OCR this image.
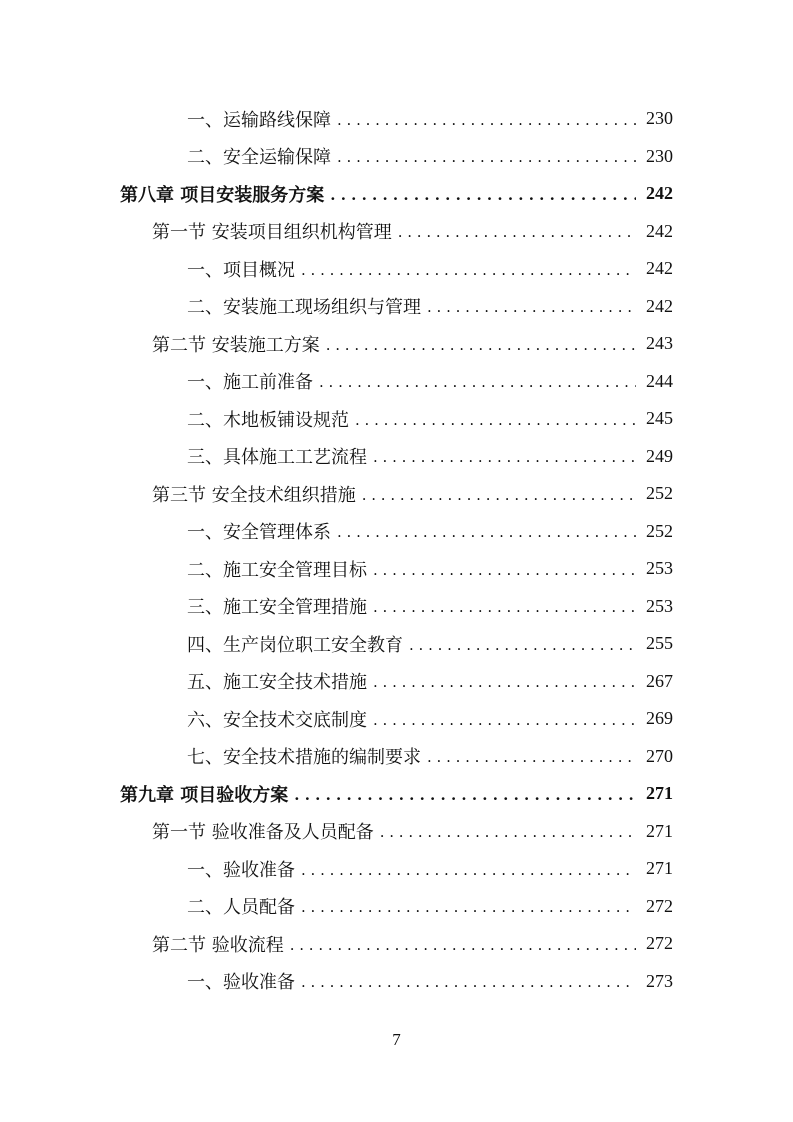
一、运输路线保障 . . .	230
二、安全运输保障 . . .	230
第八章 项目安装服务方案 . . .	242
第一节 安装项目组织机构管理 . . .	242
一、项目概况 . . .	242
二、安装施工现场组织与管理 . . .	242
第二节 安装施工方案 . . .	243
一、施工前准备 . . .	244
二、木地板铺设规范 . . .	245
三、具体施工工艺流程 . . .	249
第三节 安全技术组织措施 . . .	252
一、安全管理体系 . . .	252
二、施工安全管理目标 . . .	253
三、施工安全管理措施 . . .	253
四、生产岗位职工安全教育 . . .	255
五、施工安全技术措施 . . .	267
六、安全技术交底制度 . . .	269
七、安全技术措施的编制要求 . . .	270
第九章 项目验收方案 . . .	271
第一节 验收准备及人员配备 . . .	271
一、验收准备 . . .	271
二、人员配备 . . .	272
第二节 验收流程 . . .	272
一、验收准备 . . .	273
7
